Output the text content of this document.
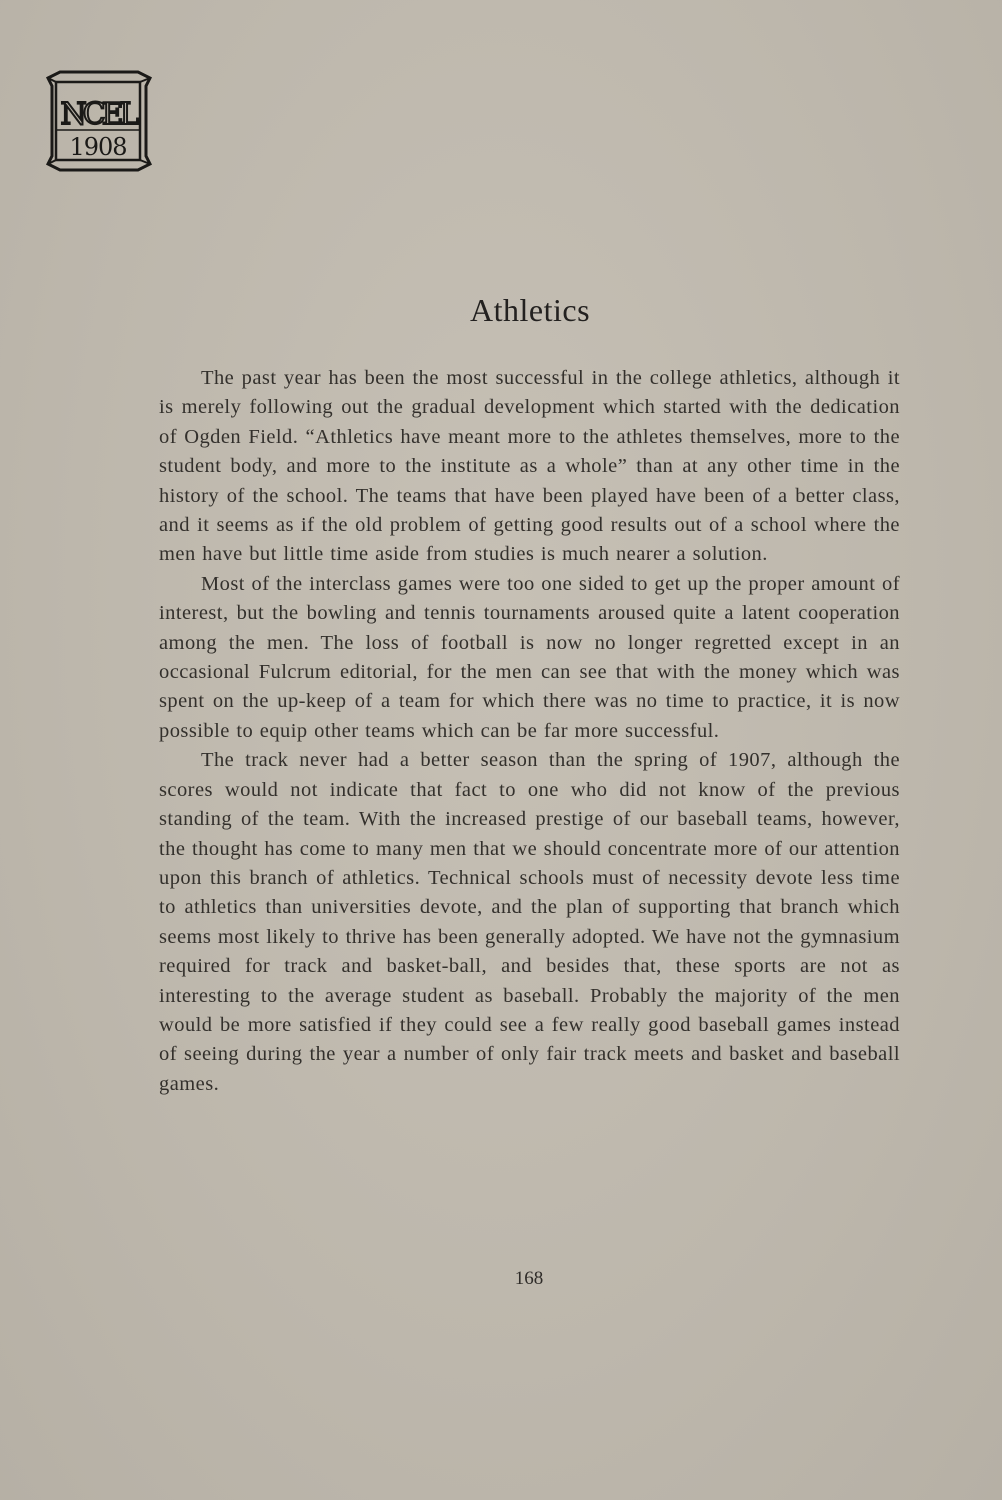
NCEL
1908
Athletics

The past year has been the most successful in the college athletics, although it is merely following out the gradual development which started with the dedication of Ogden Field. “Athletics have meant more to the athletes themselves, more to the student body, and more to the institute as a whole” than at any other time in the history of the school. The teams that have been played have been of a better class, and it seems as if the old problem of getting good results out of a school where the men have but little time aside from studies is much nearer a solution.

Most of the interclass games were too one sided to get up the proper amount of interest, but the bowling and tennis tournaments aroused quite a latent cooperation among the men. The loss of football is now no longer regretted except in an occasional Fulcrum editorial, for the men can see that with the money which was spent on the up-keep of a team for which there was no time to practice, it is now possible to equip other teams which can be far more successful.

The track never had a better season than the spring of 1907, although the scores would not indicate that fact to one who did not know of the previous standing of the team. With the increased prestige of our baseball teams, however, the thought has come to many men that we should concentrate more of our attention upon this branch of athletics. Technical schools must of necessity devote less time to athletics than universities devote, and the plan of supporting that branch which seems most likely to thrive has been generally adopted. We have not the gymnasium required for track and basket-ball, and besides that, these sports are not as interesting to the average student as baseball. Probably the majority of the men would be more satisfied if they could see a few really good baseball games instead of seeing during the year a number of only fair track meets and basket and baseball games.

168
